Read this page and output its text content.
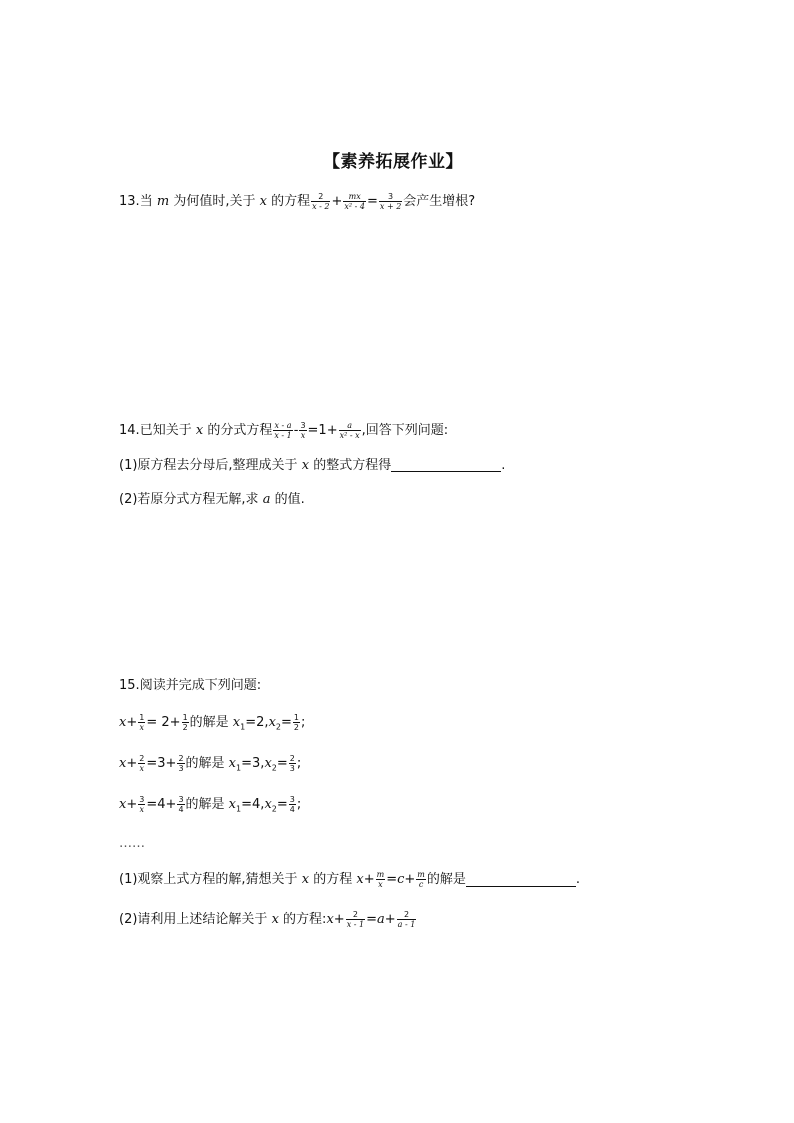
【素养拓展作业】
13.当 m 为何值时,关于 x 的方程 $\frac{2}{x - 2} + \frac{mx}{\text{x² - 4}} = \frac{3}{x + 2}$ 会产生增根?
14.已知关于 x 的分式方程 $\frac{x - a}{x - 1} - \frac{3}{x} =1+ \frac{a}{\text{x² - x}}$ ,回答下列问题:
(1)原方程去分母后,整理成关于 x 的整式方程得	.
(2)若原分式方程无解,求 a 的值.
15.阅读并完成下列问题:
$x+ \frac{1}{x} = 2+ \frac{1}{2}$ 的解是 $x_1=2,x_2= \frac{1}{2}$ ;
$x+ \frac{2}{x} =3+ \frac{2}{3}$ 的解是 $x_1=3,x_2= \frac{2}{3}$ ;
$x+ \frac{3}{x} =4+ \frac{3}{4}$ 的解是 $x_1=4,x_2= \frac{3}{4}$ ;
……
(1)观察上式方程的解,猜想关于 x 的方程 $x+ \frac{m}{x} =c+ \frac{m}{c}$ 的解是	.
(2)请利用上述结论解关于 x 的方程:x+ $\frac{2}{x - 1} =a+ \frac{2}{a - 1}$
